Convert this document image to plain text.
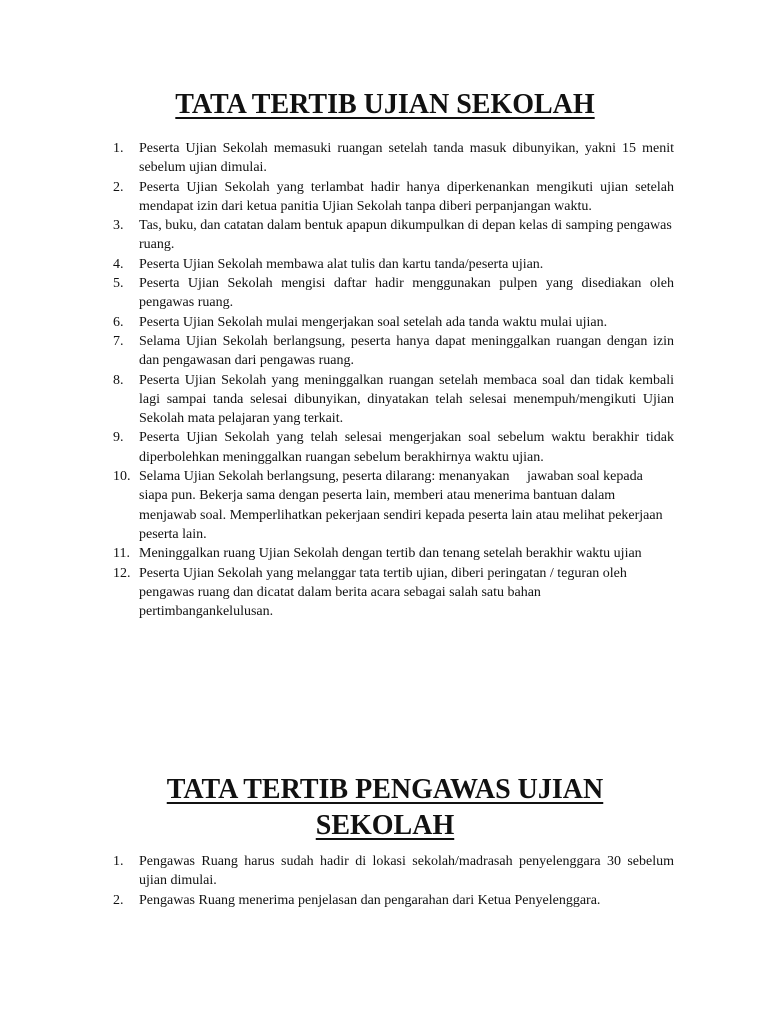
TATA TERTIB UJIAN SEKOLAH
1.	Peserta Ujian Sekolah memasuki ruangan setelah tanda masuk dibunyikan, yakni 15 menit sebelum ujian dimulai.
2.	Peserta Ujian Sekolah yang terlambat hadir hanya diperkenankan mengikuti ujian setelah mendapat izin dari ketua panitia Ujian Sekolah tanpa diberi perpanjangan waktu.
3.	Tas, buku, dan catatan dalam bentuk apapun dikumpulkan di depan kelas di samping pengawas ruang.
4.	Peserta Ujian Sekolah membawa alat tulis dan kartu tanda/peserta ujian.
5.	Peserta Ujian Sekolah mengisi daftar hadir menggunakan pulpen yang disediakan oleh pengawas ruang.
6.	Peserta Ujian Sekolah mulai mengerjakan soal setelah ada tanda waktu mulai ujian.
7.	Selama Ujian Sekolah berlangsung, peserta hanya dapat meninggalkan ruangan dengan izin dan pengawasan dari pengawas ruang.
8.	Peserta Ujian Sekolah yang meninggalkan ruangan setelah membaca soal dan tidak kembali lagi sampai tanda selesai dibunyikan, dinyatakan telah selesai menempuh/mengikuti Ujian Sekolah mata pelajaran yang terkait.
9.	Peserta Ujian Sekolah yang telah selesai mengerjakan soal sebelum waktu berakhir tidak diperbolehkan meninggalkan ruangan sebelum berakhirnya waktu ujian.
10. Selama Ujian Sekolah berlangsung, peserta dilarang: menanyakan     jawaban soal kepada siapa pun. Bekerja sama dengan peserta lain, memberi atau menerima bantuan dalam menjawab soal. Memperlihatkan pekerjaan sendiri kepada peserta lain atau melihat pekerjaan peserta lain.
11. Meninggalkan ruang Ujian Sekolah dengan tertib dan tenang setelah berakhir waktu ujian
12. Peserta Ujian Sekolah yang melanggar tata tertib ujian, diberi peringatan / teguran oleh pengawas ruang dan dicatat dalam berita acara sebagai salah satu bahan pertimbangankelulusan.
TATA TERTIB PENGAWAS UJIAN
SEKOLAH
1.	Pengawas Ruang harus sudah hadir di lokasi sekolah/madrasah penyelenggara 30 sebelum ujian dimulai.
2.	Pengawas Ruang menerima penjelasan dan pengarahan dari Ketua Penyelenggara.
